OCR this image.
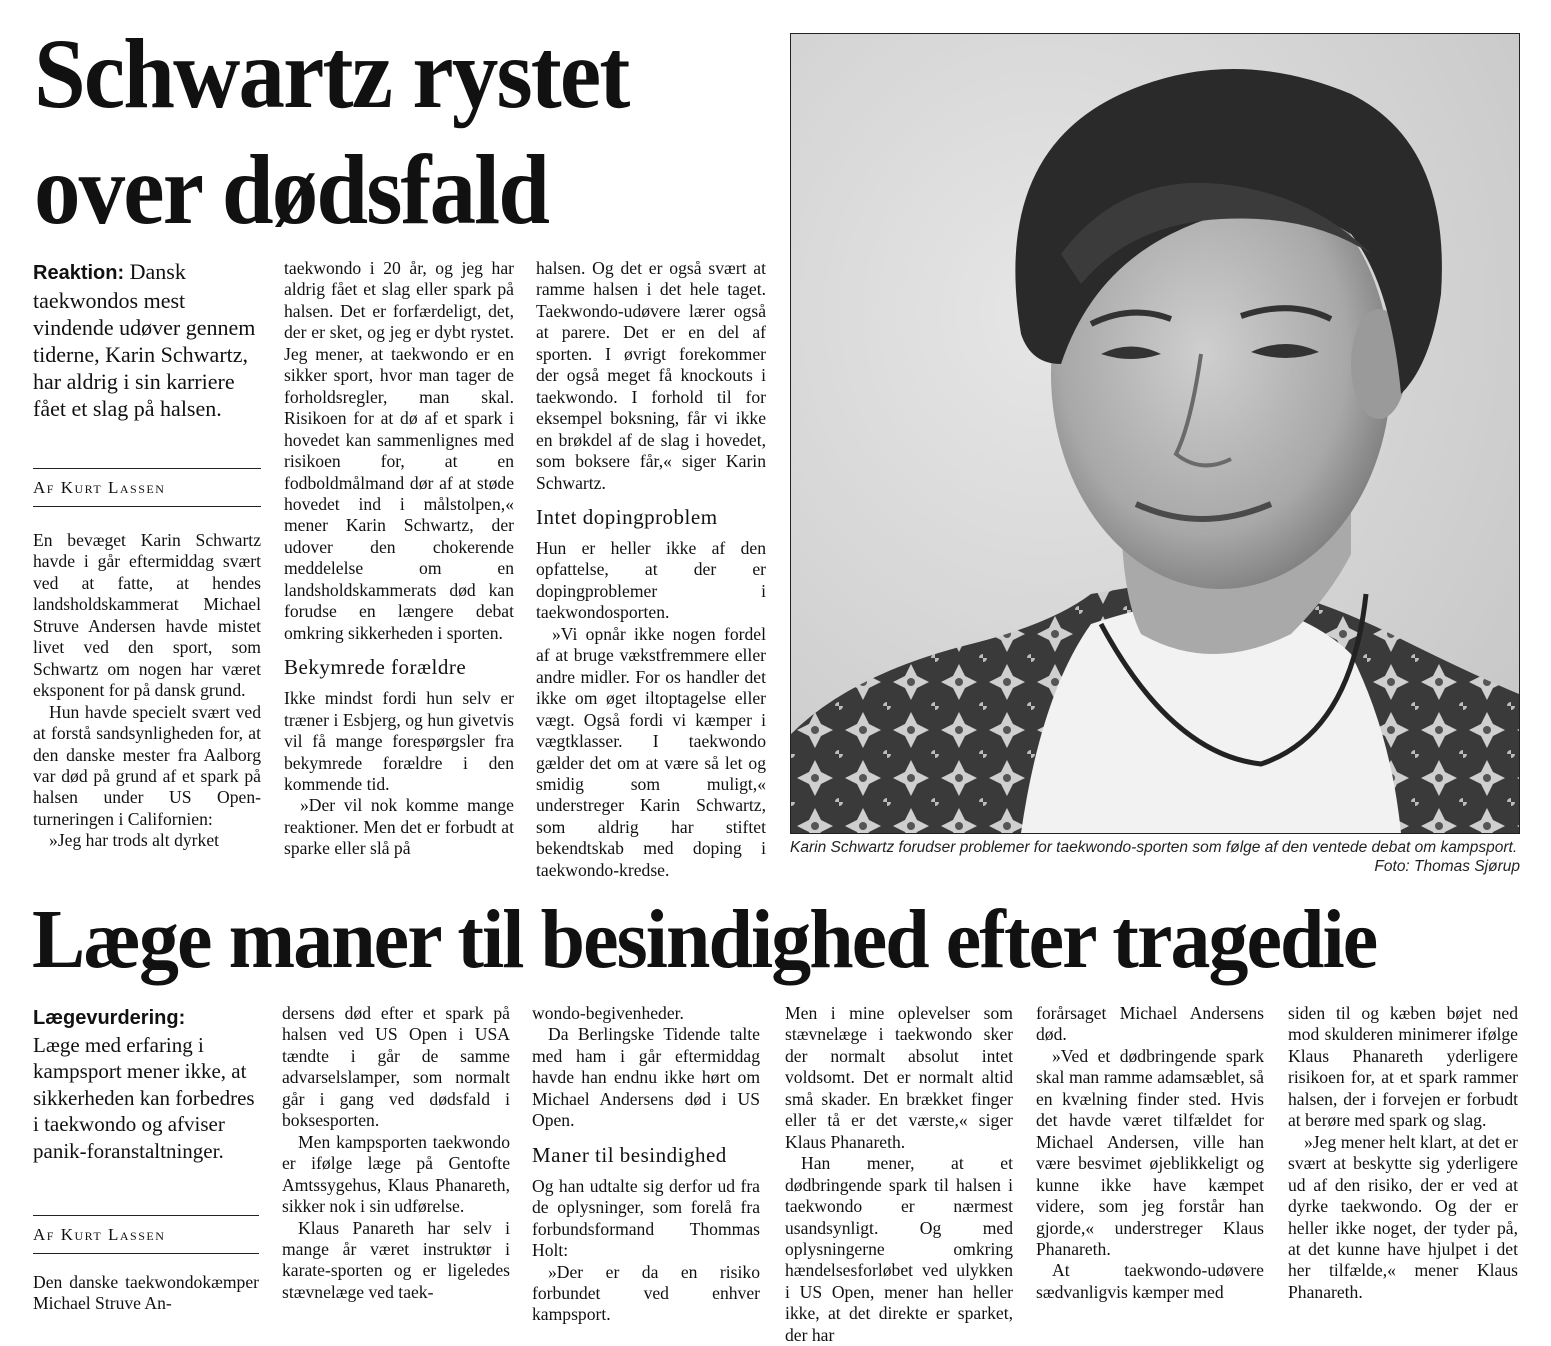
Schwartz rystet
over dødsfald
Reaktion: Dansk taekwondos mest vindende udøver gennem tiderne, Karin Schwartz, har aldrig i sin karriere fået et slag på halsen.
Af Kurt Lassen

En bevæget Karin Schwartz havde i går eftermiddag svært ved at fatte, at hendes landsholdskammerat Michael Struve Andersen havde mistet livet ved den sport, som Schwartz om nogen har været eksponent for på dansk grund.

Hun havde specielt svært ved at forstå sandsynligheden for, at den danske mester fra Aalborg var død på grund af et spark på halsen under US Open-turneringen i Californien:

»Jeg har trods alt dyrket

taekwondo i 20 år, og jeg har aldrig fået et slag eller spark på halsen. Det er forfærdeligt, det, der er sket, og jeg er dybt rystet. Jeg mener, at taekwondo er en sikker sport, hvor man tager de forholdsregler, man skal. Risikoen for at dø af et spark i hovedet kan sammenlignes med risikoen for, at en fodboldmålmand dør af at støde hovedet ind i målstolpen,« mener Karin Schwartz, der udover den chokerende meddelelse om en landsholdskammerats død kan forudse en længere debat omkring sikkerheden i sporten.

Bekymrede forældre

Ikke mindst fordi hun selv er træner i Esbjerg, og hun givetvis vil få mange forespørgsler fra bekymrede forældre i den kommende tid.

»Der vil nok komme mange reaktioner. Men det er forbudt at sparke eller slå på

halsen. Og det er også svært at ramme halsen i det hele taget. Taekwondo-udøvere lærer også at parere. Det er en del af sporten. I øvrigt forekommer der også meget få knockouts i taekwondo. I forhold til for eksempel boksning, får vi ikke en brøkdel af de slag i hovedet, som boksere får,« siger Karin Schwartz.

Intet dopingproblem

Hun er heller ikke af den opfattelse, at der er dopingproblemer i taekwondosporten.

»Vi opnår ikke nogen fordel af at bruge vækstfremmere eller andre midler. For os handler det ikke om øget iltoptagelse eller vægt. Også fordi vi kæmper i vægtklasser. I taekwondo gælder det om at være så let og smidig som muligt,« understreger Karin Schwartz, som aldrig har stiftet bekendtskab med doping i taekwondo-kredse.

Karin Schwartz forudser problemer for taekwondo-sporten som følge af den ventede debat om kampsport.
Foto: Thomas Sjørup
Læge maner til besindighed efter tragedie
Lægevurdering:
Læge med erfaring i kampsport mener ikke, at sikkerheden kan forbedres i taekwondo og afviser panik-foranstaltninger.
Af Kurt Lassen

Den danske taekwondokæmper Michael Struve An-

dersens død efter et spark på halsen ved US Open i USA tændte i går de samme advarselslamper, som normalt går i gang ved dødsfald i boksesporten.

Men kampsporten taekwondo er ifølge læge på Gentofte Amtssygehus, Klaus Phanareth, sikker nok i sin udførelse.

Klaus Panareth har selv i mange år været instruktør i karate-sporten og er ligeledes stævnelæge ved taek-

wondo-begivenheder.

Da Berlingske Tidende talte med ham i går eftermiddag havde han endnu ikke hørt om Michael Andersens død i US Open.

Maner til besindighed

Og han udtalte sig derfor ud fra de oplysninger, som forelå fra forbundsformand Thommas Holt:

»Der er da en risiko forbundet ved enhver kampsport.

Men i mine oplevelser som stævnelæge i taekwondo sker der normalt absolut intet voldsomt. Det er normalt altid små skader. En brækket finger eller tå er det værste,« siger Klaus Phanareth.

Han mener, at et dødbringende spark til halsen i taekwondo er nærmest usandsynligt. Og med oplysningerne omkring hændelsesforløbet ved ulykken i US Open, mener han heller ikke, at det direkte er sparket, der har

forårsaget Michael Andersens død.

»Ved et dødbringende spark skal man ramme adamsæblet, så en kvælning finder sted. Hvis det havde været tilfældet for Michael Andersen, ville han være besvimet øjeblikkeligt og kunne ikke have kæmpet videre, som jeg forstår han gjorde,« understreger Klaus Phanareth.

At taekwondo-udøvere sædvanligvis kæmper med

siden til og kæben bøjet ned mod skulderen minimerer ifølge Klaus Phanareth yderligere risikoen for, at et spark rammer halsen, der i forvejen er forbudt at berøre med spark og slag.

»Jeg mener helt klart, at det er svært at beskytte sig yderligere ud af den risiko, der er ved at dyrke taekwondo. Og der er heller ikke noget, der tyder på, at det kunne have hjulpet i det her tilfælde,« mener Klaus Phanareth.
